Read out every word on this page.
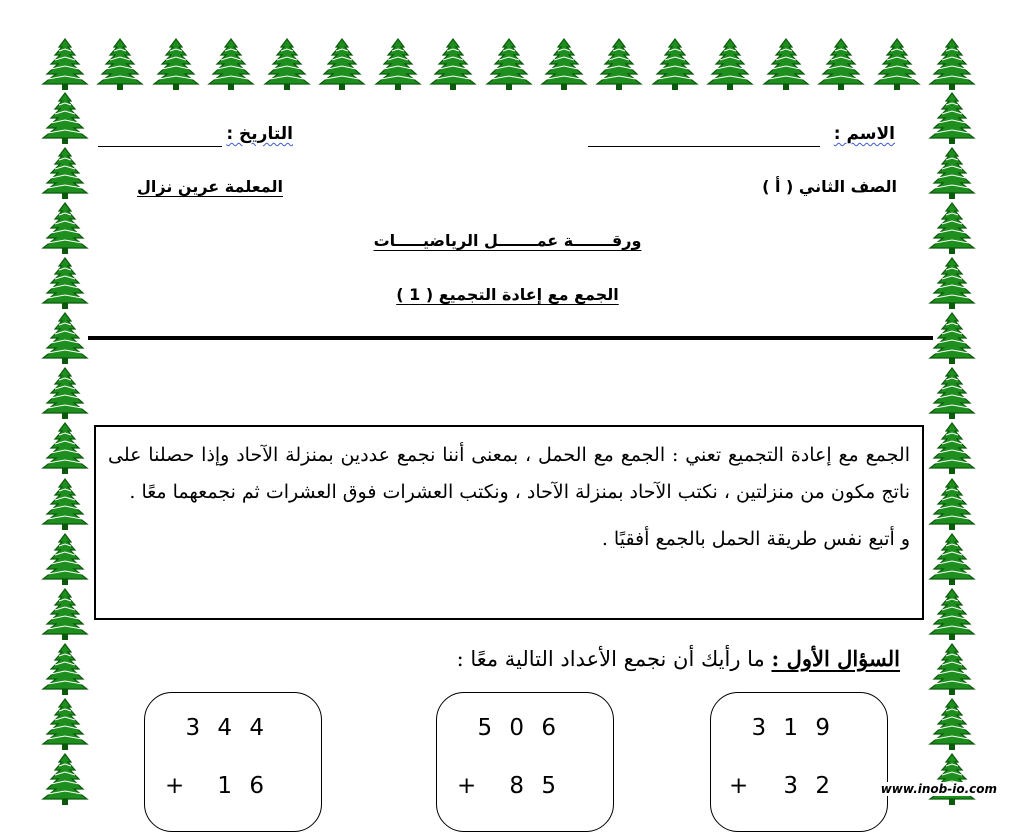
الاسم :
التاريخ :
الصف الثاني ( أ )
المعلمة عرين نزال
ورقـــــــة عمـــــــل الرياضيـــــات
الجمع مع إعادة التجميع ( 1 )

الجمع مع إعادة التجميع تعني : الجمع مع الحمل ، بمعنى أننا نجمع عددين بمنزلة الآحاد وإذا حصلنا على ناتج مكون من منزلتين ، نكتب الآحاد بمنزلة الآحاد ، ونكتب العشرات فوق العشرات ثم نجمعهما معًا .

و أتبع نفس طريقة الحمل بالجمع أفقيًا .

السؤال الأول : ما رأيك أن نجمع الأعداد التالية معًا :
3 1 9
+ 3 2
5 0 6
+ 8 5
3 4 4
+ 1 6	www.inob-io.com
